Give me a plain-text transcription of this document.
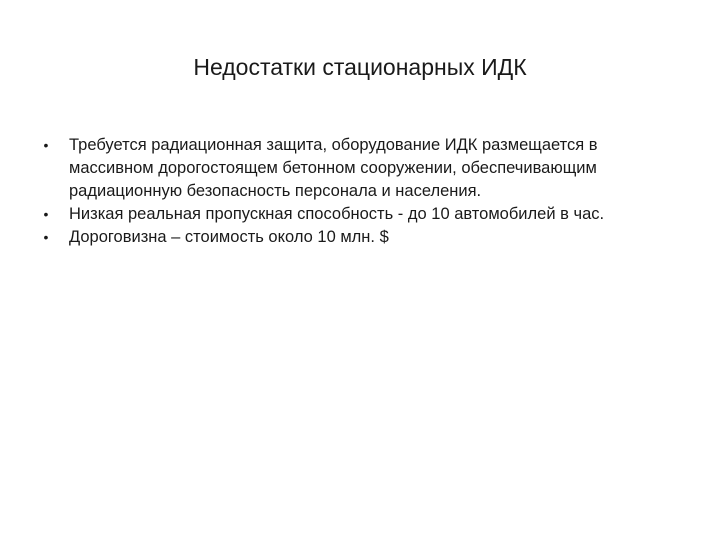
Недостатки стационарных ИДК
•	Требуется радиационная защита, оборудование ИДК размещается в массивном дорогостоящем бетонном сооружении, обеспечивающим радиационную безопасность персонала и населения.
•	Низкая реальная пропускная способность - до 10 автомобилей в час.
•	Дороговизна – стоимость около 10 млн. $
